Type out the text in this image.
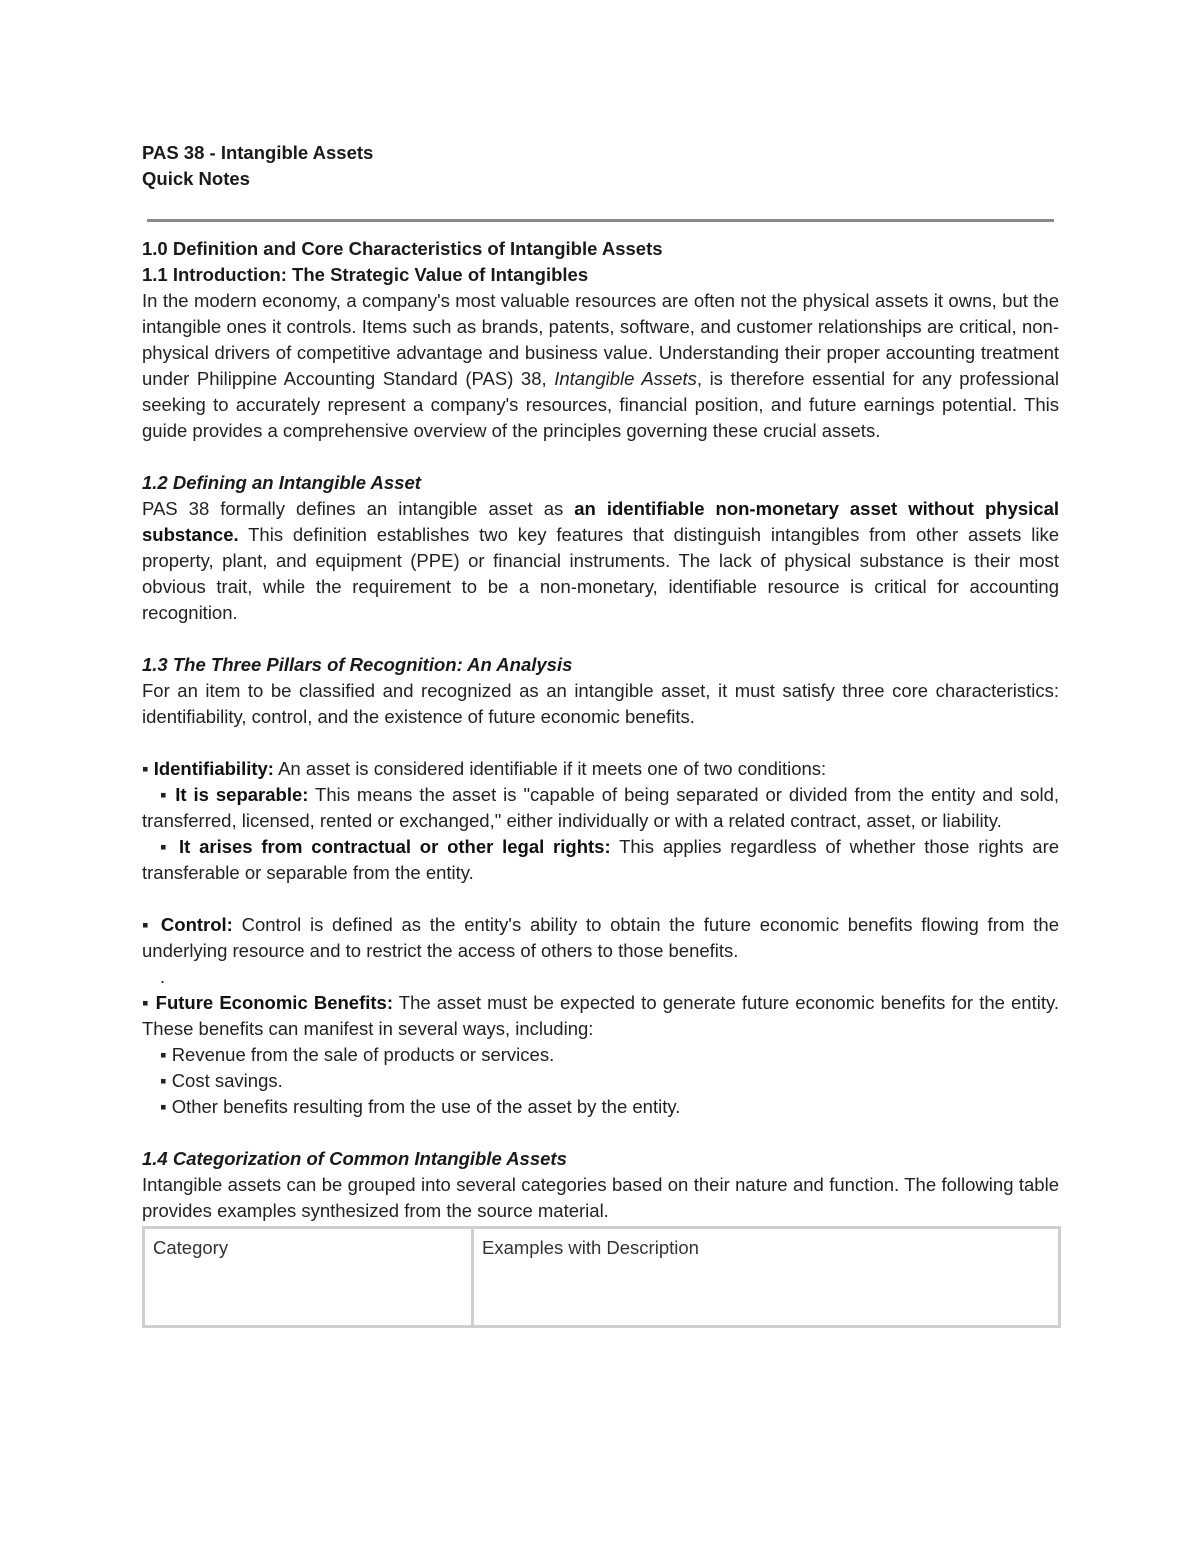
PAS 38 - Intangible Assets
Quick Notes
1.0 Definition and Core Characteristics of Intangible Assets
1.1 Introduction: The Strategic Value of Intangibles

In the modern economy, a company's most valuable resources are often not the physical assets it owns, but the intangible ones it controls. Items such as brands, patents, software, and customer relationships are critical, non-physical drivers of competitive advantage and business value. Understanding their proper accounting treatment under Philippine Accounting Standard (PAS) 38, Intangible Assets, is therefore essential for any professional seeking to accurately represent a company's resources, financial position, and future earnings potential. This guide provides a comprehensive overview of the principles governing these crucial assets.

1.2 Defining an Intangible Asset

PAS 38 formally defines an intangible asset as an identifiable non-monetary asset without physical substance. This definition establishes two key features that distinguish intangibles from other assets like property, plant, and equipment (PPE) or financial instruments. The lack of physical substance is their most obvious trait, while the requirement to be a non-monetary, identifiable resource is critical for accounting recognition.

1.3 The Three Pillars of Recognition: An Analysis

For an item to be classified and recognized as an intangible asset, it must satisfy three core characteristics: identifiability, control, and the existence of future economic benefits.

▪ Identifiability: An asset is considered identifiable if it meets one of two conditions:

▪ It is separable: This means the asset is "capable of being separated or divided from the entity and sold, transferred, licensed, rented or exchanged," either individually or with a related contract, asset, or liability.

▪ It arises from contractual or other legal rights: This applies regardless of whether those rights are transferable or separable from the entity.

▪ Control: Control is defined as the entity's ability to obtain the future economic benefits flowing from the underlying resource and to restrict the access of others to those benefits.

.

▪ Future Economic Benefits: The asset must be expected to generate future economic benefits for the entity. These benefits can manifest in several ways, including:

▪ Revenue from the sale of products or services.
▪ Cost savings.
▪ Other benefits resulting from the use of the asset by the entity.
1.4 Categorization of Common Intangible Assets

Intangible assets can be grouped into several categories based on their nature and function. The following table provides examples synthesized from the source material.

Category	Examples with Description
